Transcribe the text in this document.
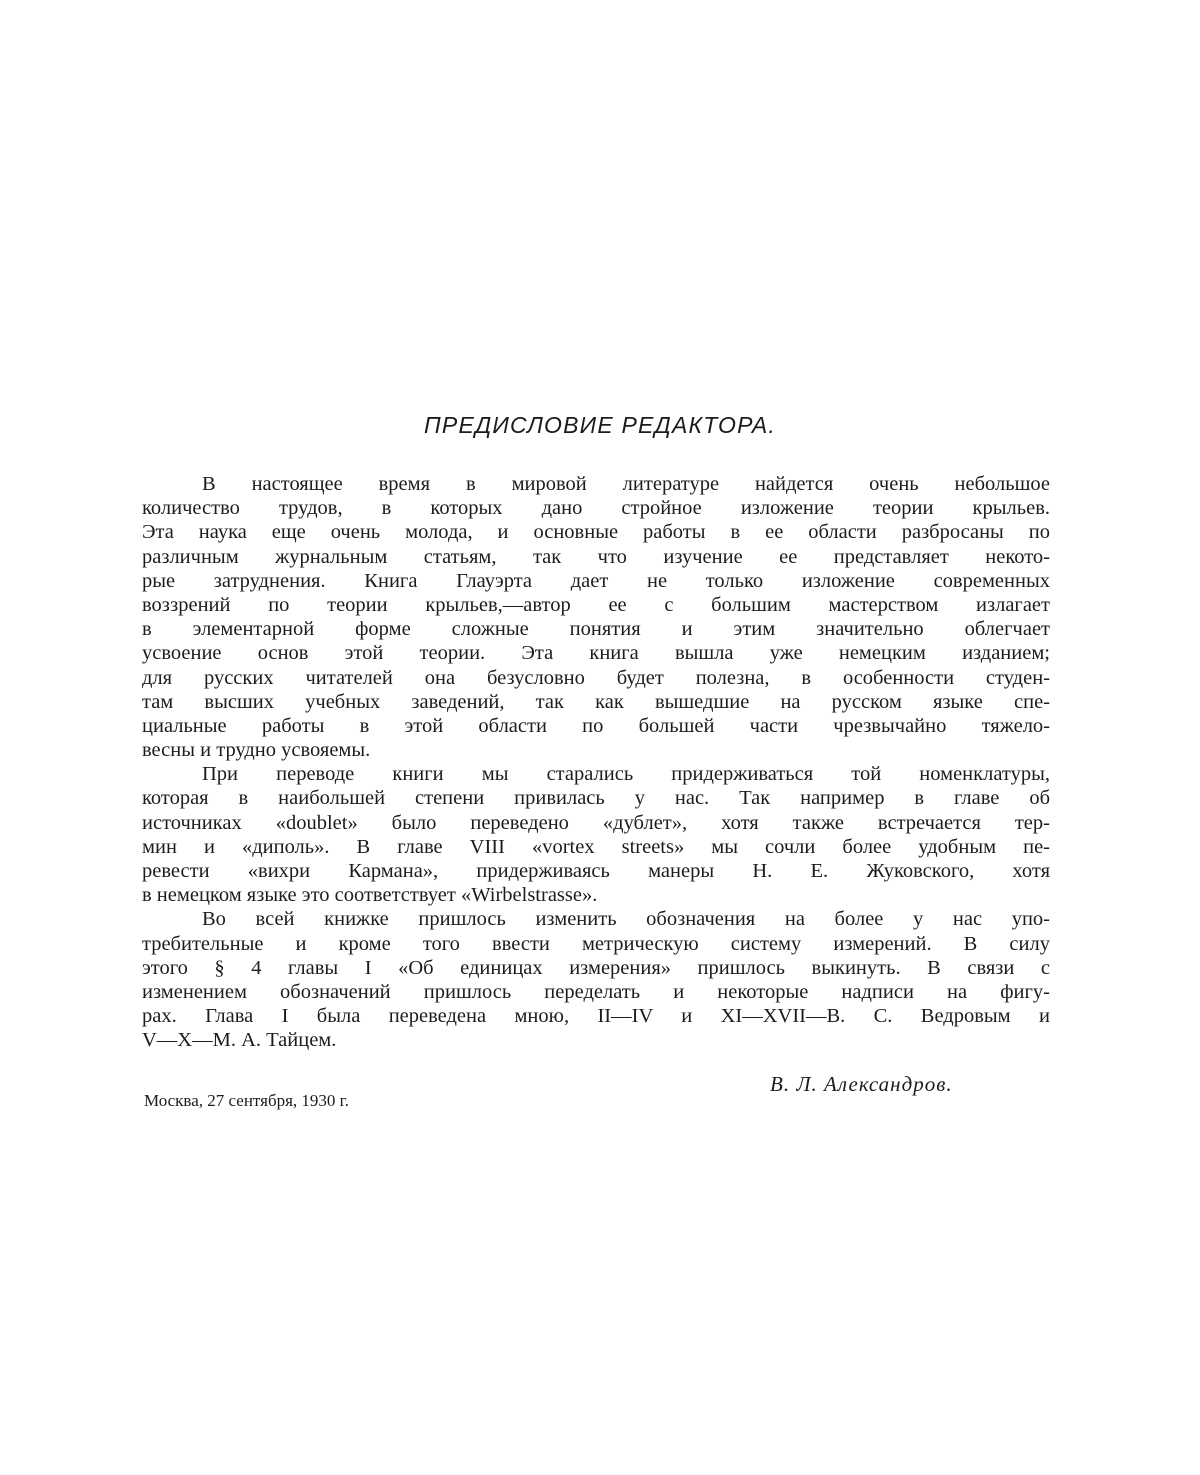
ПРЕДИСЛОВИЕ РЕДАКТОРА.
В настоящее время в мировой литературе найдется очень небольшое
количество трудов, в которых дано стройное изложение теории крыльев.
Эта наука еще очень молода, и основные работы в ее области разбросаны по
различным журнальным статьям, так что изучение ее представляет некото-
рые затруднения. Книга Глауэрта дает не только изложение современных
воззрений по теории крыльев,—автор ее с большим мастерством излагает
в элементарной форме сложные понятия и этим значительно облегчает
усвоение основ этой теории. Эта книга вышла уже немецким изданием;
для русских читателей она безусловно будет полезна, в особенности студен-
там высших учебных заведений, так как вышедшие на русском языке спе-
циальные работы в этой области по большей части чрезвычайно тяжело-
весны и трудно усвояемы.
При переводе книги мы старались придерживаться той номенклатуры,
которая в наибольшей степени привилась у нас. Так например в главе об
источниках «doublet» было переведено «дублет», хотя также встречается тер-
мин и «диполь». В главе VIII «vortex streets» мы сочли более удобным пе-
ревести «вихри Кармана», придерживаясь манеры Н. Е. Жуковского, хотя
в немецком языке это соответствует «Wirbelstrasse».
Во всей книжке пришлось изменить обозначения на более у нас упо-
требительные и кроме того ввести метрическую систему измерений. В силу
этого § 4 главы I «Об единицах измерения» пришлось выкинуть. В связи с
изменением обозначений пришлось переделать и некоторые надписи на фигу-
рах. Глава I была переведена мною, II—IV и XI—XVII—В. С. Ведровым и
V—X—М. А. Тайцем.
В. Л. Александров.
Москва, 27 сентября, 1930 г.
